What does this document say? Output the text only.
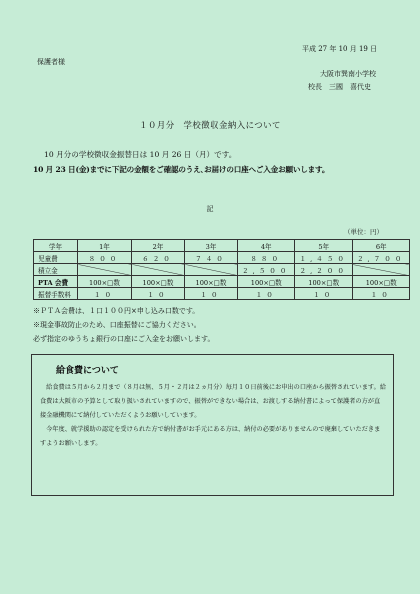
平成 27 年 10 月 19 日
保護者様
大阪市巽南小学校
校長　三國　喜代史
１０月分　学校徴収金納入について
10 月分の学校徴収金振替日は 10 月 26 日（月）です。
10 月 23 日(金)までに下記の金額をご確認のうえ､お届けの口座へご入金お願いします。
記
（単位：円）
学年	1年	2年	3年	4年	5年	6年
児童費	８００	６２０	７４０	８８０	１,４５０	２,７００
積立金				２,５００	２,２００	
PTA 会費	100×□数	100×□数	100×□数	100×□数	100×□数	100×□数
振替手数料	１０	１０	１０	１０	１０	１０
※ＰＴＡ会費は、１口１００円×申し込み口数です。
※現金事故防止のため、口座振替にご協力ください。
必ず指定のゆうちょ銀行の口座にご入金をお願いします。
給食費について
　給食費は５月から２月まで（８月は無、５月・２月は２ヵ月分）毎月１０日前後にお申出の口座から振替されています。給食費は大阪市の予算として取り扱いされていますので、振替ができない場合は、お渡しする納付書によって保護者の方が直接金融機関にて納付していただくようお願いしています。
　今年度、就学援助の認定を受けられた方で納付書がお手元にある方は、納付の必要がありませんので廃棄していただきますようお願いします。
